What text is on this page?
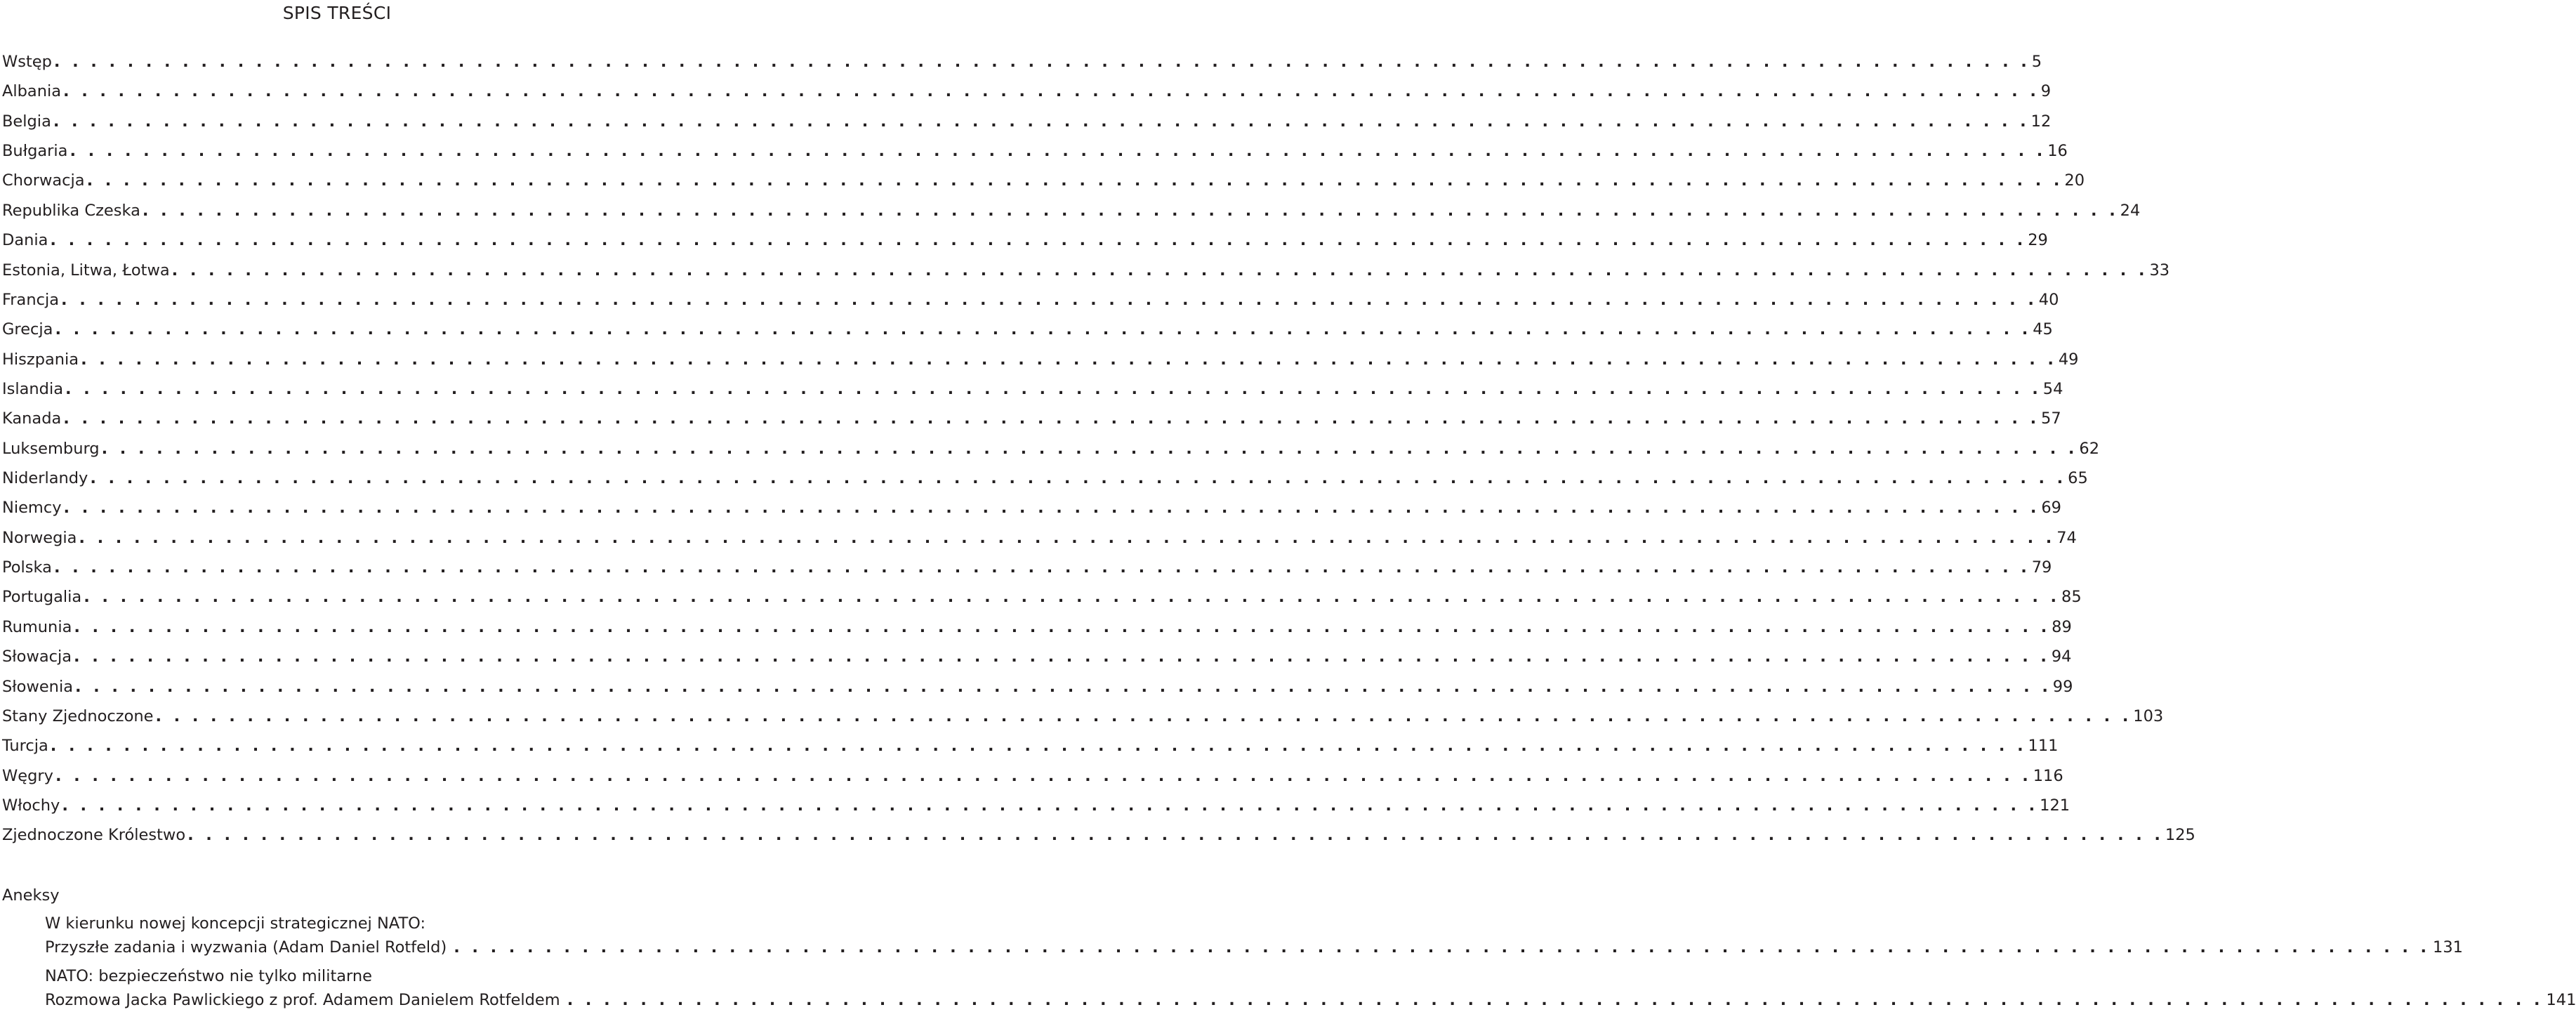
SPIS TREŚCI
Wstęp . . . . . . . . . . . . . . . . . . . . . . . . . . . . . . . . . . . . . . . . . . . . . . . . . . . . . . . . . . . . . . . . . . . . . . . . . . . . . . . . . . . . . . . . . . . . . . . . . . . . . . . . . . . . 5
Albania . . . . . . . . . . . . . . . . . . . . . . . . . . . . . . . . . . . . . . . . . . . . . . . . . . . . . . . . . . . . . . . . . . . . . . . . . . . . . . . . . . . . . . . . . . . . . . . . . . . . . . . . . . . . 9
Belgia . . . . . . . . . . . . . . . . . . . . . . . . . . . . . . . . . . . . . . . . . . . . . . . . . . . . . . . . . . . . . . . . . . . . . . . . . . . . . . . . . . . . . . . . . . . . . . . . . . . . . . . . . . . . 12
Bułgaria . . . . . . . . . . . . . . . . . . . . . . . . . . . . . . . . . . . . . . . . . . . . . . . . . . . . . . . . . . . . . . . . . . . . . . . . . . . . . . . . . . . . . . . . . . . . . . . . . . . . . . . . . . . . 16
Chorwacja . . . . . . . . . . . . . . . . . . . . . . . . . . . . . . . . . . . . . . . . . . . . . . . . . . . . . . . . . . . . . . . . . . . . . . . . . . . . . . . . . . . . . . . . . . . . . . . . . . . . . . . . . . . . 20
Republika Czeska . . . . . . . . . . . . . . . . . . . . . . . . . . . . . . . . . . . . . . . . . . . . . . . . . . . . . . . . . . . . . . . . . . . . . . . . . . . . . . . . . . . . . . . . . . . . . . . . . . . . . . . . . . . . 24
Dania . . . . . . . . . . . . . . . . . . . . . . . . . . . . . . . . . . . . . . . . . . . . . . . . . . . . . . . . . . . . . . . . . . . . . . . . . . . . . . . . . . . . . . . . . . . . . . . . . . . . . . . . . . . . 29
Estonia, Litwa, Łotwa . . . . . . . . . . . . . . . . . . . . . . . . . . . . . . . . . . . . . . . . . . . . . . . . . . . . . . . . . . . . . . . . . . . . . . . . . . . . . . . . . . . . . . . . . . . . . . . . . . . . . . . . . . . . 33
Francja . . . . . . . . . . . . . . . . . . . . . . . . . . . . . . . . . . . . . . . . . . . . . . . . . . . . . . . . . . . . . . . . . . . . . . . . . . . . . . . . . . . . . . . . . . . . . . . . . . . . . . . . . . . . 40
Grecja . . . . . . . . . . . . . . . . . . . . . . . . . . . . . . . . . . . . . . . . . . . . . . . . . . . . . . . . . . . . . . . . . . . . . . . . . . . . . . . . . . . . . . . . . . . . . . . . . . . . . . . . . . . . 45
Hiszpania . . . . . . . . . . . . . . . . . . . . . . . . . . . . . . . . . . . . . . . . . . . . . . . . . . . . . . . . . . . . . . . . . . . . . . . . . . . . . . . . . . . . . . . . . . . . . . . . . . . . . . . . . . . . 49
Islandia . . . . . . . . . . . . . . . . . . . . . . . . . . . . . . . . . . . . . . . . . . . . . . . . . . . . . . . . . . . . . . . . . . . . . . . . . . . . . . . . . . . . . . . . . . . . . . . . . . . . . . . . . . . . 54
Kanada . . . . . . . . . . . . . . . . . . . . . . . . . . . . . . . . . . . . . . . . . . . . . . . . . . . . . . . . . . . . . . . . . . . . . . . . . . . . . . . . . . . . . . . . . . . . . . . . . . . . . . . . . . . . 57
Luksemburg . . . . . . . . . . . . . . . . . . . . . . . . . . . . . . . . . . . . . . . . . . . . . . . . . . . . . . . . . . . . . . . . . . . . . . . . . . . . . . . . . . . . . . . . . . . . . . . . . . . . . . . . . . . . 62
Niderlandy . . . . . . . . . . . . . . . . . . . . . . . . . . . . . . . . . . . . . . . . . . . . . . . . . . . . . . . . . . . . . . . . . . . . . . . . . . . . . . . . . . . . . . . . . . . . . . . . . . . . . . . . . . . . 65
Niemcy . . . . . . . . . . . . . . . . . . . . . . . . . . . . . . . . . . . . . . . . . . . . . . . . . . . . . . . . . . . . . . . . . . . . . . . . . . . . . . . . . . . . . . . . . . . . . . . . . . . . . . . . . . . . 69
Norwegia . . . . . . . . . . . . . . . . . . . . . . . . . . . . . . . . . . . . . . . . . . . . . . . . . . . . . . . . . . . . . . . . . . . . . . . . . . . . . . . . . . . . . . . . . . . . . . . . . . . . . . . . . . . . 74
Polska . . . . . . . . . . . . . . . . . . . . . . . . . . . . . . . . . . . . . . . . . . . . . . . . . . . . . . . . . . . . . . . . . . . . . . . . . . . . . . . . . . . . . . . . . . . . . . . . . . . . . . . . . . . . 79
Portugalia . . . . . . . . . . . . . . . . . . . . . . . . . . . . . . . . . . . . . . . . . . . . . . . . . . . . . . . . . . . . . . . . . . . . . . . . . . . . . . . . . . . . . . . . . . . . . . . . . . . . . . . . . . . . 85
Rumunia . . . . . . . . . . . . . . . . . . . . . . . . . . . . . . . . . . . . . . . . . . . . . . . . . . . . . . . . . . . . . . . . . . . . . . . . . . . . . . . . . . . . . . . . . . . . . . . . . . . . . . . . . . . . 89
Słowacja . . . . . . . . . . . . . . . . . . . . . . . . . . . . . . . . . . . . . . . . . . . . . . . . . . . . . . . . . . . . . . . . . . . . . . . . . . . . . . . . . . . . . . . . . . . . . . . . . . . . . . . . . . . . 94
Słowenia . . . . . . . . . . . . . . . . . . . . . . . . . . . . . . . . . . . . . . . . . . . . . . . . . . . . . . . . . . . . . . . . . . . . . . . . . . . . . . . . . . . . . . . . . . . . . . . . . . . . . . . . . . . . 99
Stany Zjednoczone . . . . . . . . . . . . . . . . . . . . . . . . . . . . . . . . . . . . . . . . . . . . . . . . . . . . . . . . . . . . . . . . . . . . . . . . . . . . . . . . . . . . . . . . . . . . . . . . . . . . . . . . . . . . 103
Turcja . . . . . . . . . . . . . . . . . . . . . . . . . . . . . . . . . . . . . . . . . . . . . . . . . . . . . . . . . . . . . . . . . . . . . . . . . . . . . . . . . . . . . . . . . . . . . . . . . . . . . . . . . . . . 111
Węgry . . . . . . . . . . . . . . . . . . . . . . . . . . . . . . . . . . . . . . . . . . . . . . . . . . . . . . . . . . . . . . . . . . . . . . . . . . . . . . . . . . . . . . . . . . . . . . . . . . . . . . . . . . . . 116
Włochy . . . . . . . . . . . . . . . . . . . . . . . . . . . . . . . . . . . . . . . . . . . . . . . . . . . . . . . . . . . . . . . . . . . . . . . . . . . . . . . . . . . . . . . . . . . . . . . . . . . . . . . . . . . . 121
Zjednoczone Królestwo . . . . . . . . . . . . . . . . . . . . . . . . . . . . . . . . . . . . . . . . . . . . . . . . . . . . . . . . . . . . . . . . . . . . . . . . . . . . . . . . . . . . . . . . . . . . . . . . . . . . . . . . . . . . 125
Aneksy
W kierunku nowej koncepcji strategicznej NATO:
Przyszłe zadania i wyzwania (Adam Daniel Rotfeld) . . . . . . . . . . . . . . . . . . . . . . . . . . . . . . . . . . . . . . . . . . . . . . . . . . . . . . . . . . . . . . . . . . . . . . . . . . . . . . . . . . . . . . . . . . . . . . . . . . . . . . . . . . . . 131
NATO: bezpieczeństwo nie tylko militarne
Rozmowa Jacka Pawlickiego z prof. Adamem Danielem Rotfeldem . . . . . . . . . . . . . . . . . . . . . . . . . . . . . . . . . . . . . . . . . . . . . . . . . . . . . . . . . . . . . . . . . . . . . . . . . . . . . . . . . . . . . . . . . . . . . . . . . . . . . . . . . . . . 141
